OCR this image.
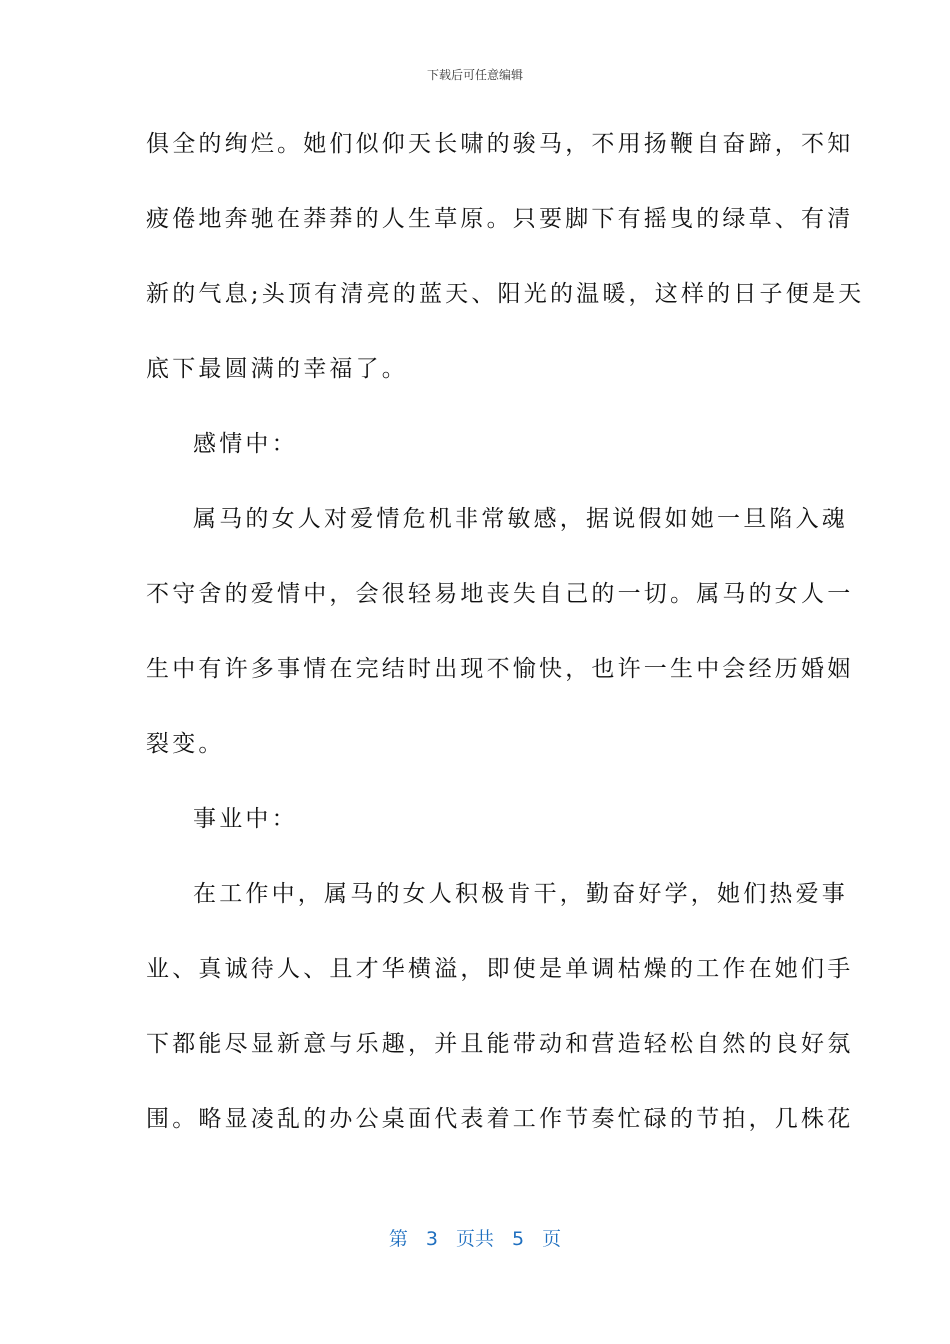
下载后可任意编辑
俱全的绚烂。她们似仰天长啸的骏马，不用扬鞭自奋蹄，不知
疲倦地奔驰在莽莽的人生草原。只要脚下有摇曳的绿草、有清
新的气息;头顶有清亮的蓝天、阳光的温暖，这样的日子便是天
底下最圆满的幸福了。
感情中：
属马的女人对爱情危机非常敏感，据说假如她一旦陷入魂
不守舍的爱情中，会很轻易地丧失自己的一切。属马的女人一
生中有许多事情在完结时出现不愉快，也许一生中会经历婚姻
裂变。
事业中：
在工作中，属马的女人积极肯干，勤奋好学，她们热爱事
业、真诚待人、且才华横溢，即使是单调枯燥的工作在她们手
下都能尽显新意与乐趣，并且能带动和营造轻松自然的良好氛
围。略显凌乱的办公桌面代表着工作节奏忙碌的节拍，几株花
第 3 页共 5 页
